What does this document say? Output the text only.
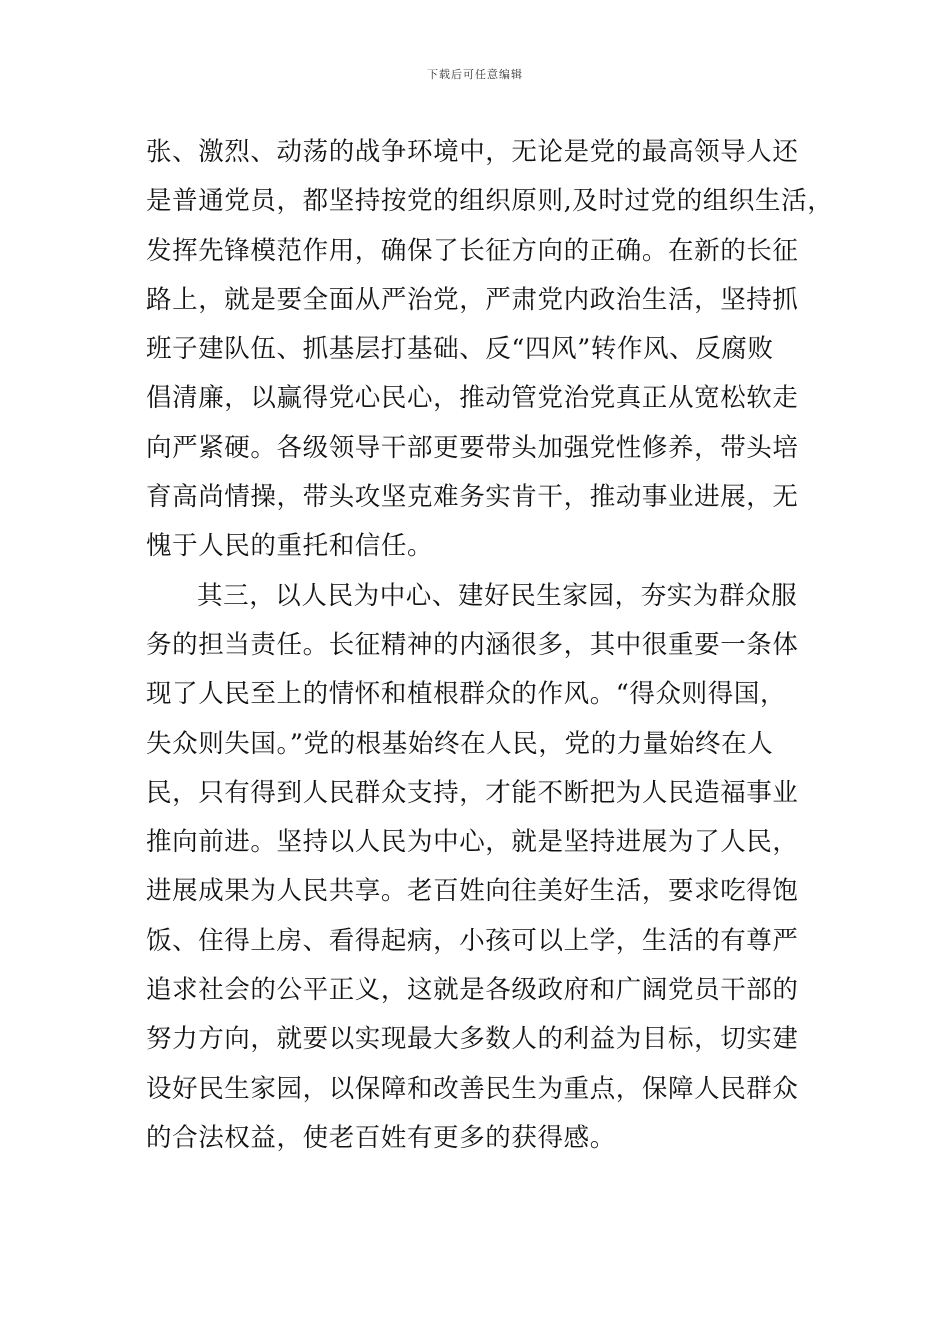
下载后可任意编辑
张、激烈、动荡的战争环境中，无论是党的最高领导人还
是普通党员，都坚持按党的组织原则,及时过党的组织生活，
发挥先锋模范作用，确保了长征方向的正确。在新的长征
路上，就是要全面从严治党，严肃党内政治生活，坚持抓
班子建队伍、抓基层打基础、反“四风”转作风、反腐败
倡清廉，以赢得党心民心，推动管党治党真正从宽松软走
向严紧硬。各级领导干部更要带头加强党性修养，带头培
育高尚情操，带头攻坚克难务实肯干，推动事业进展，无
愧于人民的重托和信任。
其三，以人民为中心、建好民生家园，夯实为群众服
务的担当责任。长征精神的内涵很多，其中很重要一条体
现了人民至上的情怀和植根群众的作风。“得众则得国，
失众则失国。”党的根基始终在人民，党的力量始终在人
民，只有得到人民群众支持，才能不断把为人民造福事业
推向前进。坚持以人民为中心，就是坚持进展为了人民，
进展成果为人民共享。老百姓向往美好生活，要求吃得饱
饭、住得上房、看得起病，小孩可以上学，生活的有尊严
追求社会的公平正义，这就是各级政府和广阔党员干部的
努力方向，就要以实现最大多数人的利益为目标，切实建
设好民生家园，以保障和改善民生为重点，保障人民群众
的合法权益，使老百姓有更多的获得感。
